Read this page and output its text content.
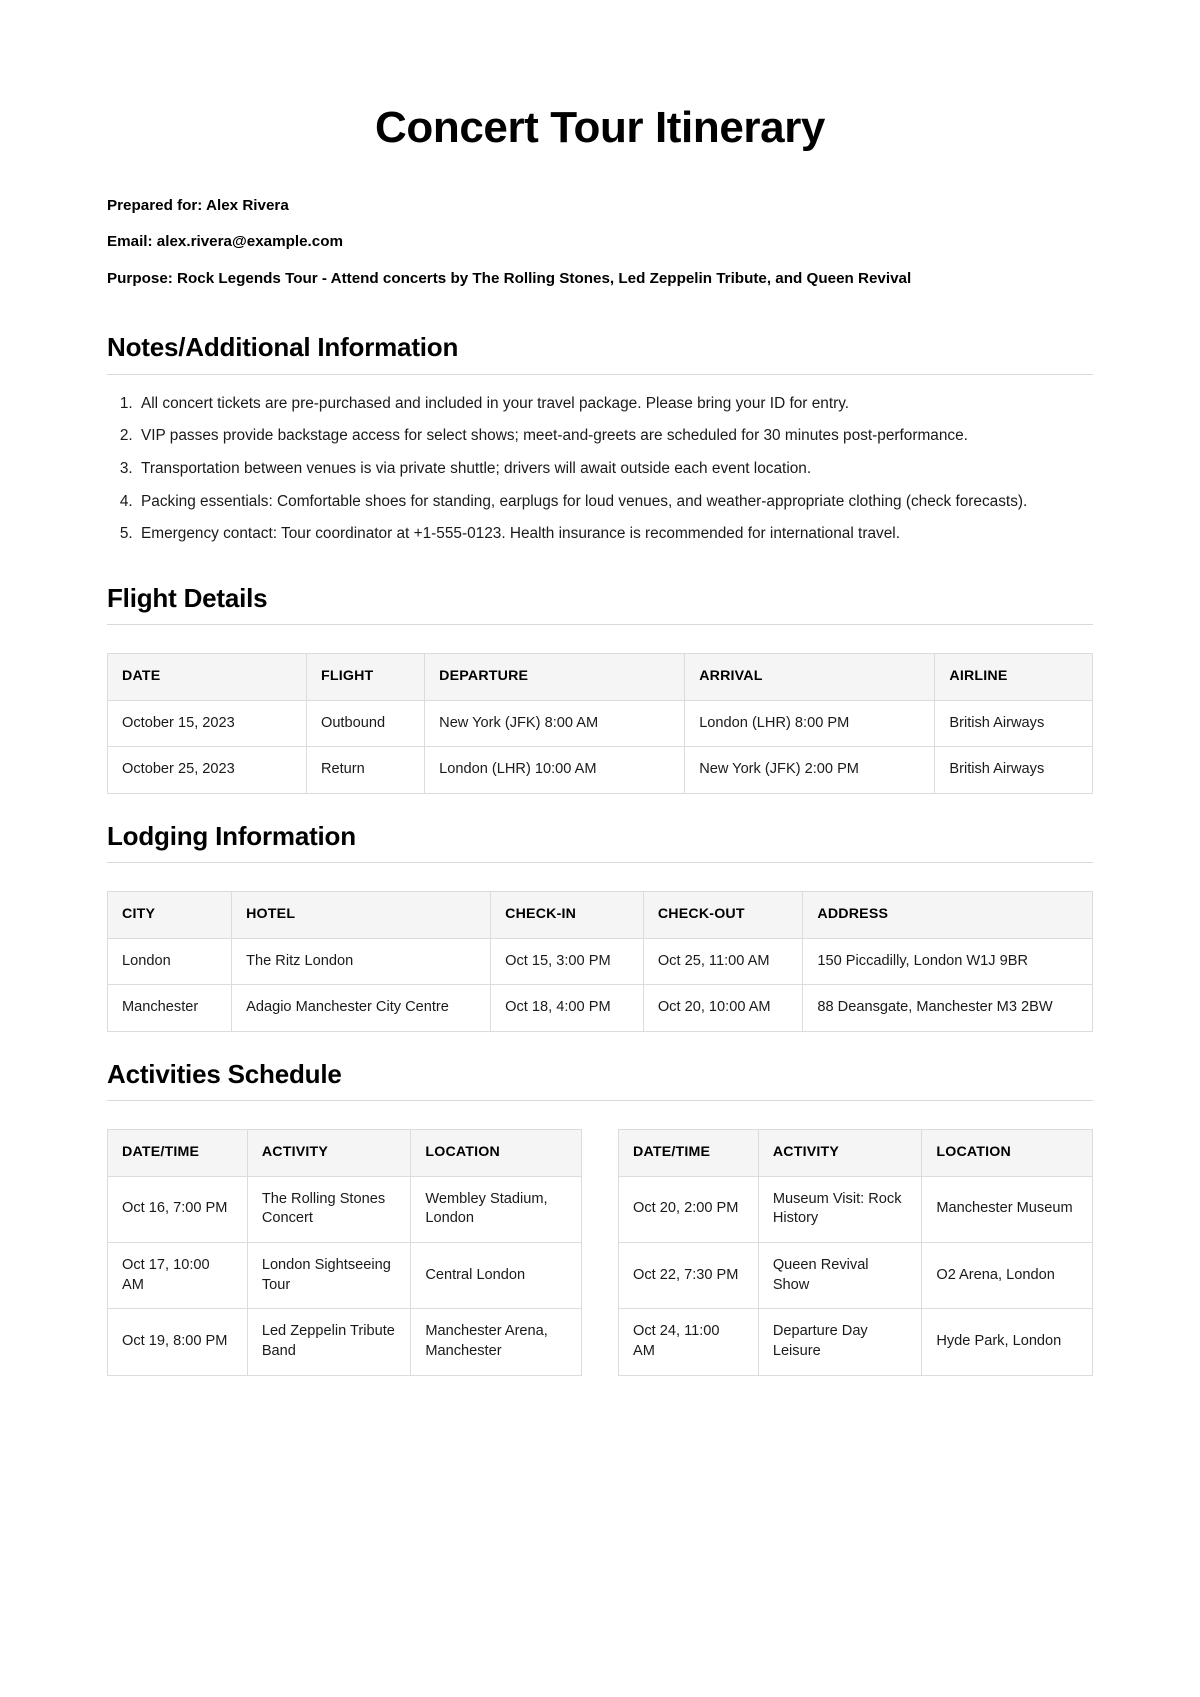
Concert Tour Itinerary

Prepared for: Alex Rivera

Email: alex.rivera@example.com

Purpose: Rock Legends Tour - Attend concerts by The Rolling Stones, Led Zeppelin Tribute, and Queen Revival

Notes/Additional Information
1. All concert tickets are pre-purchased and included in your travel package. Please bring your ID for entry.
2. VIP passes provide backstage access for select shows; meet-and-greets are scheduled for 30 minutes post-performance.
3. Transportation between venues is via private shuttle; drivers will await outside each event location.
4. Packing essentials: Comfortable shoes for standing, earplugs for loud venues, and weather-appropriate clothing (check forecasts).
5. Emergency contact: Tour coordinator at +1-555-0123. Health insurance is recommended for international travel.
Flight Details
DATE	FLIGHT	DEPARTURE	ARRIVAL	AIRLINE
October 15, 2023	Outbound	New York (JFK) 8:00 AM	London (LHR) 8:00 PM	British Airways
October 25, 2023	Return	London (LHR) 10:00 AM	New York (JFK) 2:00 PM	British Airways
Lodging Information
CITY	HOTEL	CHECK-IN	CHECK-OUT	ADDRESS
London	The Ritz London	Oct 15, 3:00 PM	Oct 25, 11:00 AM	150 Piccadilly, London W1J 9BR
Manchester	Adagio Manchester City Centre	Oct 18, 4:00 PM	Oct 20, 10:00 AM	88 Deansgate, Manchester M3 2BW
Activities Schedule
DATE/TIME	ACTIVITY	LOCATION
Oct 16, 7:00 PM	The Rolling Stones Concert	Wembley Stadium, London
Oct 17, 10:00 AM	London Sightseeing Tour	Central London
Oct 19, 8:00 PM	Led Zeppelin Tribute Band	Manchester Arena, Manchester
DATE/TIME	ACTIVITY	LOCATION
Oct 20, 2:00 PM	Museum Visit: Rock History	Manchester Museum
Oct 22, 7:30 PM	Queen Revival Show	O2 Arena, London
Oct 24, 11:00 AM	Departure Day Leisure	Hyde Park, London
